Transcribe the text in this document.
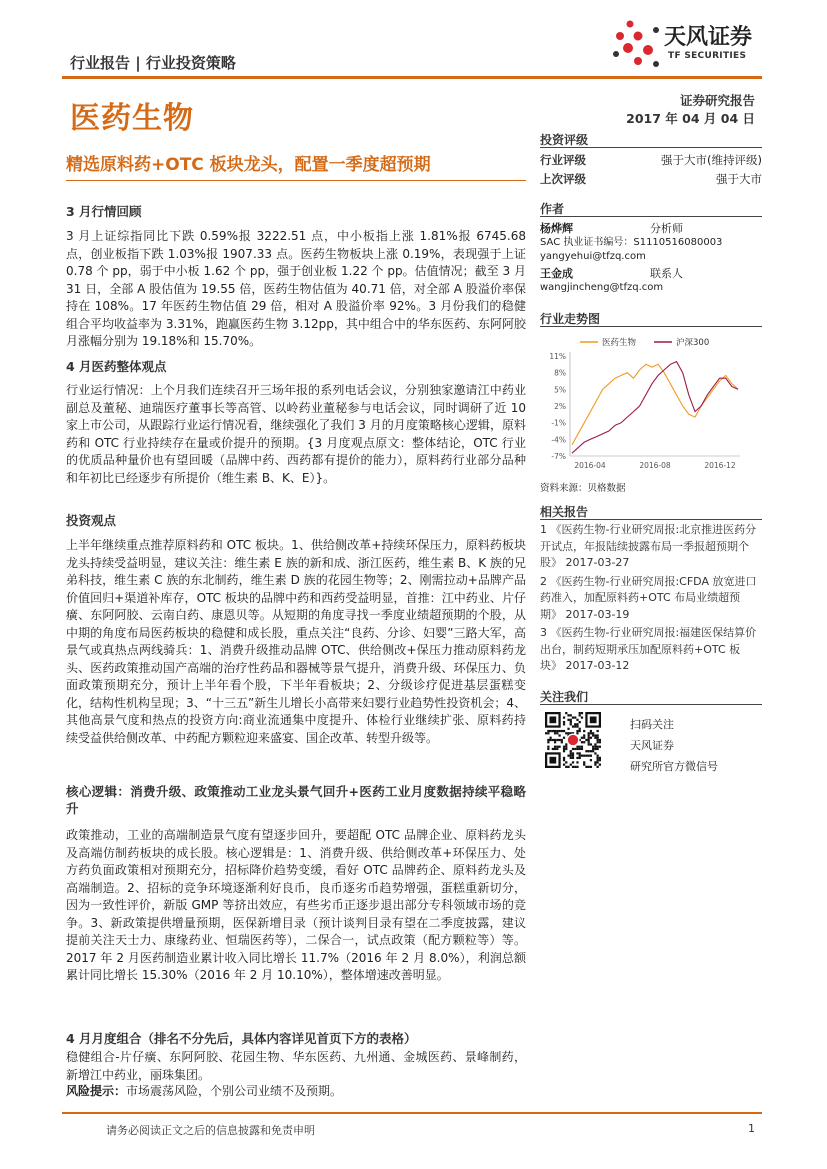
行业报告 | 行业投资策略
天风证券
TF SECURITIES
医药生物
证券研究报告
2017 年 04 月 04 日
精选原料药+OTC 板块龙头，配置一季度超预期
3 月行情回顾
3 月上证综指同比下跌 0.59%报 3222.51 点，中小板指上涨 1.81%报 6745.68 点，创业板指下跌 1.03%报 1907.33 点。医药生物板块上涨 0.19%，表现强于上证 0.78 个 pp，弱于中小板 1.62 个 pp，强于创业板 1.22 个 pp。估值情况；截至 3 月 31 日，全部 A 股估值为 19.55 倍，医药生物估值为 40.71 倍，对全部 A 股溢价率保持在 108%。17 年医药生物估值 29 倍，相对 A 股溢价率 92%。3 月份我们的稳健组合平均收益率为 3.31%，跑赢医药生物 3.12pp，其中组合中的华东医药、东阿阿胶月涨幅分别为 19.18%和 15.70%。
4 月医药整体观点
行业运行情况：上个月我们连续召开三场年报的系列电话会议，分别独家邀请江中药业副总及董秘、迪瑞医疗董事长等高管、以岭药业董秘参与电话会议，同时调研了近 10 家上市公司，从跟踪行业运行情况看，继续强化了我们 3 月的月度策略核心逻辑，原料药和 OTC 行业持续存在量或价提升的预期。{3 月度观点原文：整体结论，OTC 行业的优质品种量价也有望回暖（品牌中药、西药都有提价的能力），原料药行业部分品种和年初比已经逐步有所提价（维生素 B、K、E）}。
投资观点
上半年继续重点推荐原料药和 OTC 板块。1、供给侧改革+持续环保压力，原料药板块龙头持续受益明显，建议关注：维生素 E 族的新和成、浙江医药，维生素 B、K 族的兄弟科技，维生素 C 族的东北制药，维生素 D 族的花园生物等；2、刚需拉动+品牌产品价值回归+渠道补库存，OTC 板块的品牌中药和西药受益明显，首推：江中药业、片仔癀、东阿阿胶、云南白药、康恩贝等。从短期的角度寻找一季度业绩超预期的个股，从中期的角度布局医药板块的稳健和成长股，重点关注“良药、分诊、妇婴”三路大军，高景气或真热点两线骑兵：1、消费升级推动品牌 OTC、供给侧改+保压力推动原料药龙头、医药政策推动国产高端的治疗性药品和器械等景气提升，消费升级、环保压力、负面政策预期充分，预计上半年看个股，下半年看板块；2、分级诊疗促进基层蛋糕变化，结构性机构呈现；3、“十三五”新生儿增长小高带来妇婴行业趋势性投资机会；4、其他高景气度和热点的投资方向:商业流通集中度提升、体检行业继续扩张、原料药持续受益供给侧改革、中药配方颗粒迎来盛宴、国企改革、转型升级等。
核心逻辑：消费升级、政策推动工业龙头景气回升+医药工业月度数据持续平稳略升
政策推动，工业的高端制造景气度有望逐步回升，要超配 OTC 品牌企业、原料药龙头及高端仿制药板块的成长股。核心逻辑是：1、消费升级、供给侧改革+环保压力、处方药负面政策相对预期充分，招标降价趋势变缓，看好 OTC 品牌药企、原料药龙头及高端制造。2、招标的竞争环境逐渐利好良币，良币逐劣币趋势增强，蛋糕重新切分，因为一致性评价，新版 GMP 等挤出效应，有些劣币正逐步退出部分专科领域市场的竞争。3、新政策提供增量预期，医保新增目录（预计谈判目录有望在二季度披露，建议提前关注天士力、康缘药业、恒瑞医药等），二保合一，试点政策（配方颗粒等）等。2017 年 2 月医药制造业累计收入同比增长 11.7%（2016 年 2 月 8.0%），利润总额累计同比增长 15.30%（2016 年 2 月 10.10%），整体增速改善明显。
4 月月度组合（排名不分先后，具体内容详见首页下方的表格）
稳健组合-片仔癀、东阿阿胶、花园生物、华东医药、九州通、金城医药、景峰制药，新增江中药业，丽珠集团。
风险提示：市场震荡风险，个别公司业绩不及预期。
投资评级
行业评级	强于大市(维持评级)
上次评级	强于大市
作者
杨烨辉	分析师
SAC 执业证书编号：S1110516080003
yangyehui@tfzq.com
王金成	联系人
wangjincheng@tfzq.com
行业走势图
11%
8%
5%
2%
-1%
-4%
-7%
2016-04	2016-08	2016-12
医药生物	沪深300
资料来源：贝格数据
相关报告
1 《医药生物-行业研究周报:北京推进医药分开试点，年报陆续披露布局一季报超预期个股》 2017-03-27
2 《医药生物-行业研究周报:CFDA 放宽进口药准入，加配原料药+OTC 布局业绩超预期》 2017-03-19
3 《医药生物-行业研究周报:福建医保结算价出台，制药短期承压加配原料药+OTC 板块》 2017-03-12
关注我们
扫码关注
天风证券
研究所官方微信号
请务必阅读正文之后的信息披露和免责申明	1
